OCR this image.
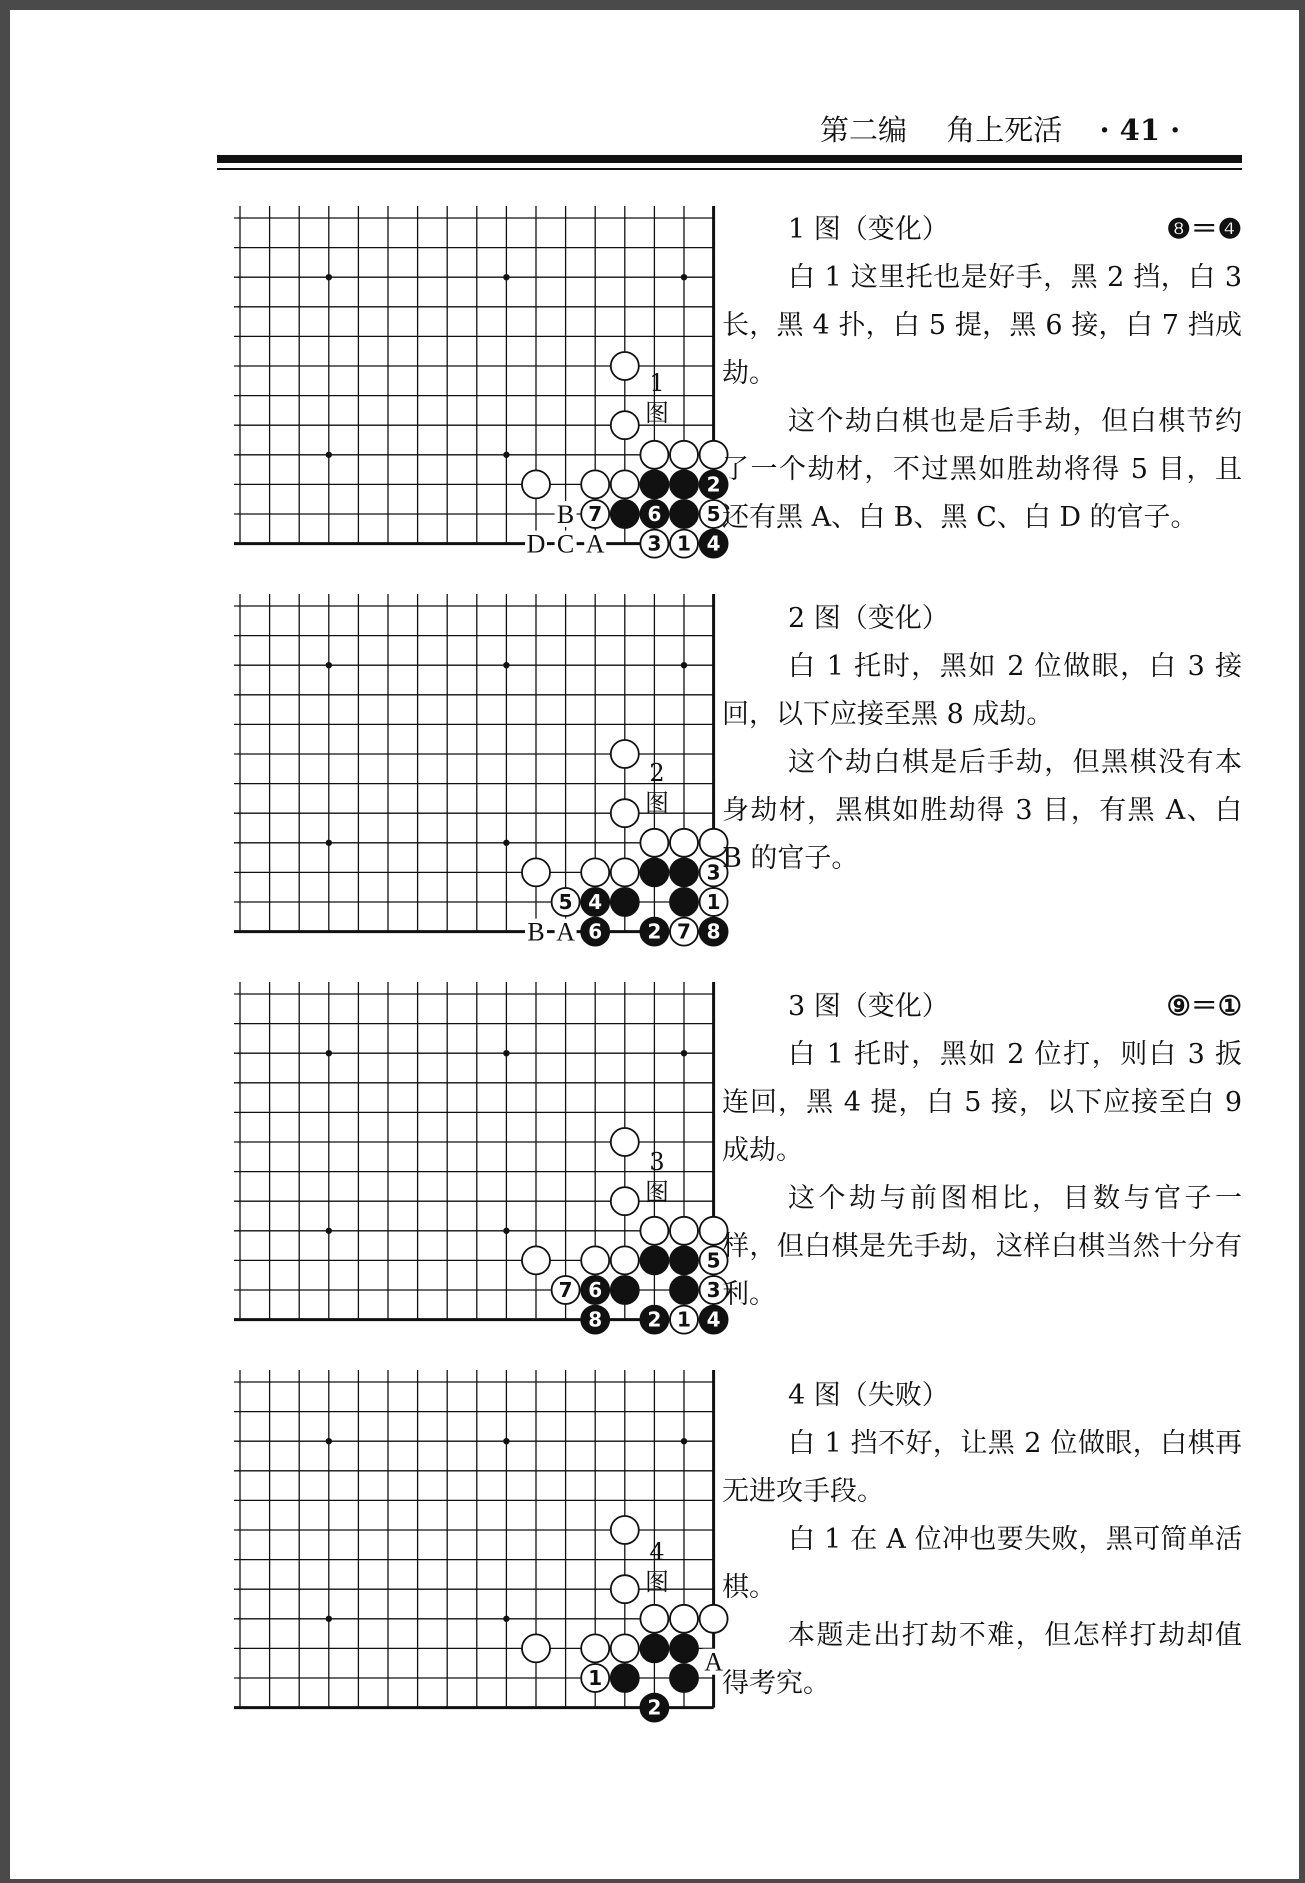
第二编 角上死活 · 41 ·
B
D C A
2
7 6 5
3 1 4
1
图
1 图（变化）	❽＝❹

白 1 这里托也是好手，黑 2 挡，白 3 长，黑 4 扑，白 5 提，黑 6 接，白 7 挡成劫。

这个劫白棋也是后手劫，但白棋节约了一个劫材，不过黑如胜劫将得 5 目，且还有黑 A、白 B、黑 C、白 D 的官子。

B A
3
5 4	1
6 2 7 8
2
图
2 图（变化）

白 1 托时，黑如 2 位做眼，白 3 接回，以下应接至黑 8 成劫。

这个劫白棋是后手劫，但黑棋没有本身劫材，黑棋如胜劫得 3 目，有黑 A、白 B 的官子。

5
7 6	3
8 2 1 4
3
图
3 图（变化）	⑨＝①

白 1 托时，黑如 2 位打，则白 3 扳连回，黑 4 提，白 5 接，以下应接至白 9 成劫。

这个劫与前图相比，目数与官子一样，但白棋是先手劫，这样白棋当然十分有利。

A
1
2
4
图
4 图（失败）

白 1 挡不好，让黑 2 位做眼，白棋再无进攻手段。

白 1 在 A 位冲也要失败，黑可简单活棋。

本题走出打劫不难，但怎样打劫却值得考究。
